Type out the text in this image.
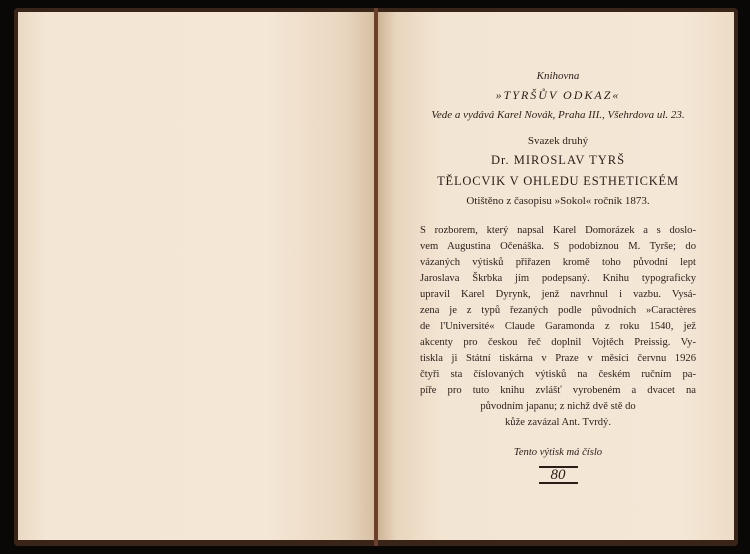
Knihovna
»TYRŠŮV ODKAZ«
Vede a vydává Karel Novák, Praha III., Všehrdova ul. 23.
Svazek druhý
Dr. MIROSLAV TYRŠ
TĚLOCVIK V OHLEDU ESTHETICKÉM
Otištěno z časopisu »Sokol« ročník 1873.
S rozborem, který napsal Karel Domorázek a s doslo-
vem Augustina Očenáška. S podobiznou M. Tyrše; do
vázaných výtisků přiřazen kromě toho původní lept
Jaroslava Škrbka jím podepsaný. Knihu typograficky
upravil Karel Dyrynk, jenž navrhnul i vazbu. Vysá-
zena je z typů řezaných podle původních »Caractères
de l'Université« Claude Garamonda z roku 1540, jež
akcenty pro českou řeč doplnil Vojtěch Preissig. Vy-
tiskla ji Státní tiskárna v Praze v měsíci červnu 1926
čtyři sta číslovaných výtisků na českém ručním pa-
píře pro tuto knihu zvlášť vyrobeném a dvacet na
původním japanu; z nichž dvě stě do
kůže zavázal Ant. Tvrdý.
Tento výtisk má číslo
80
